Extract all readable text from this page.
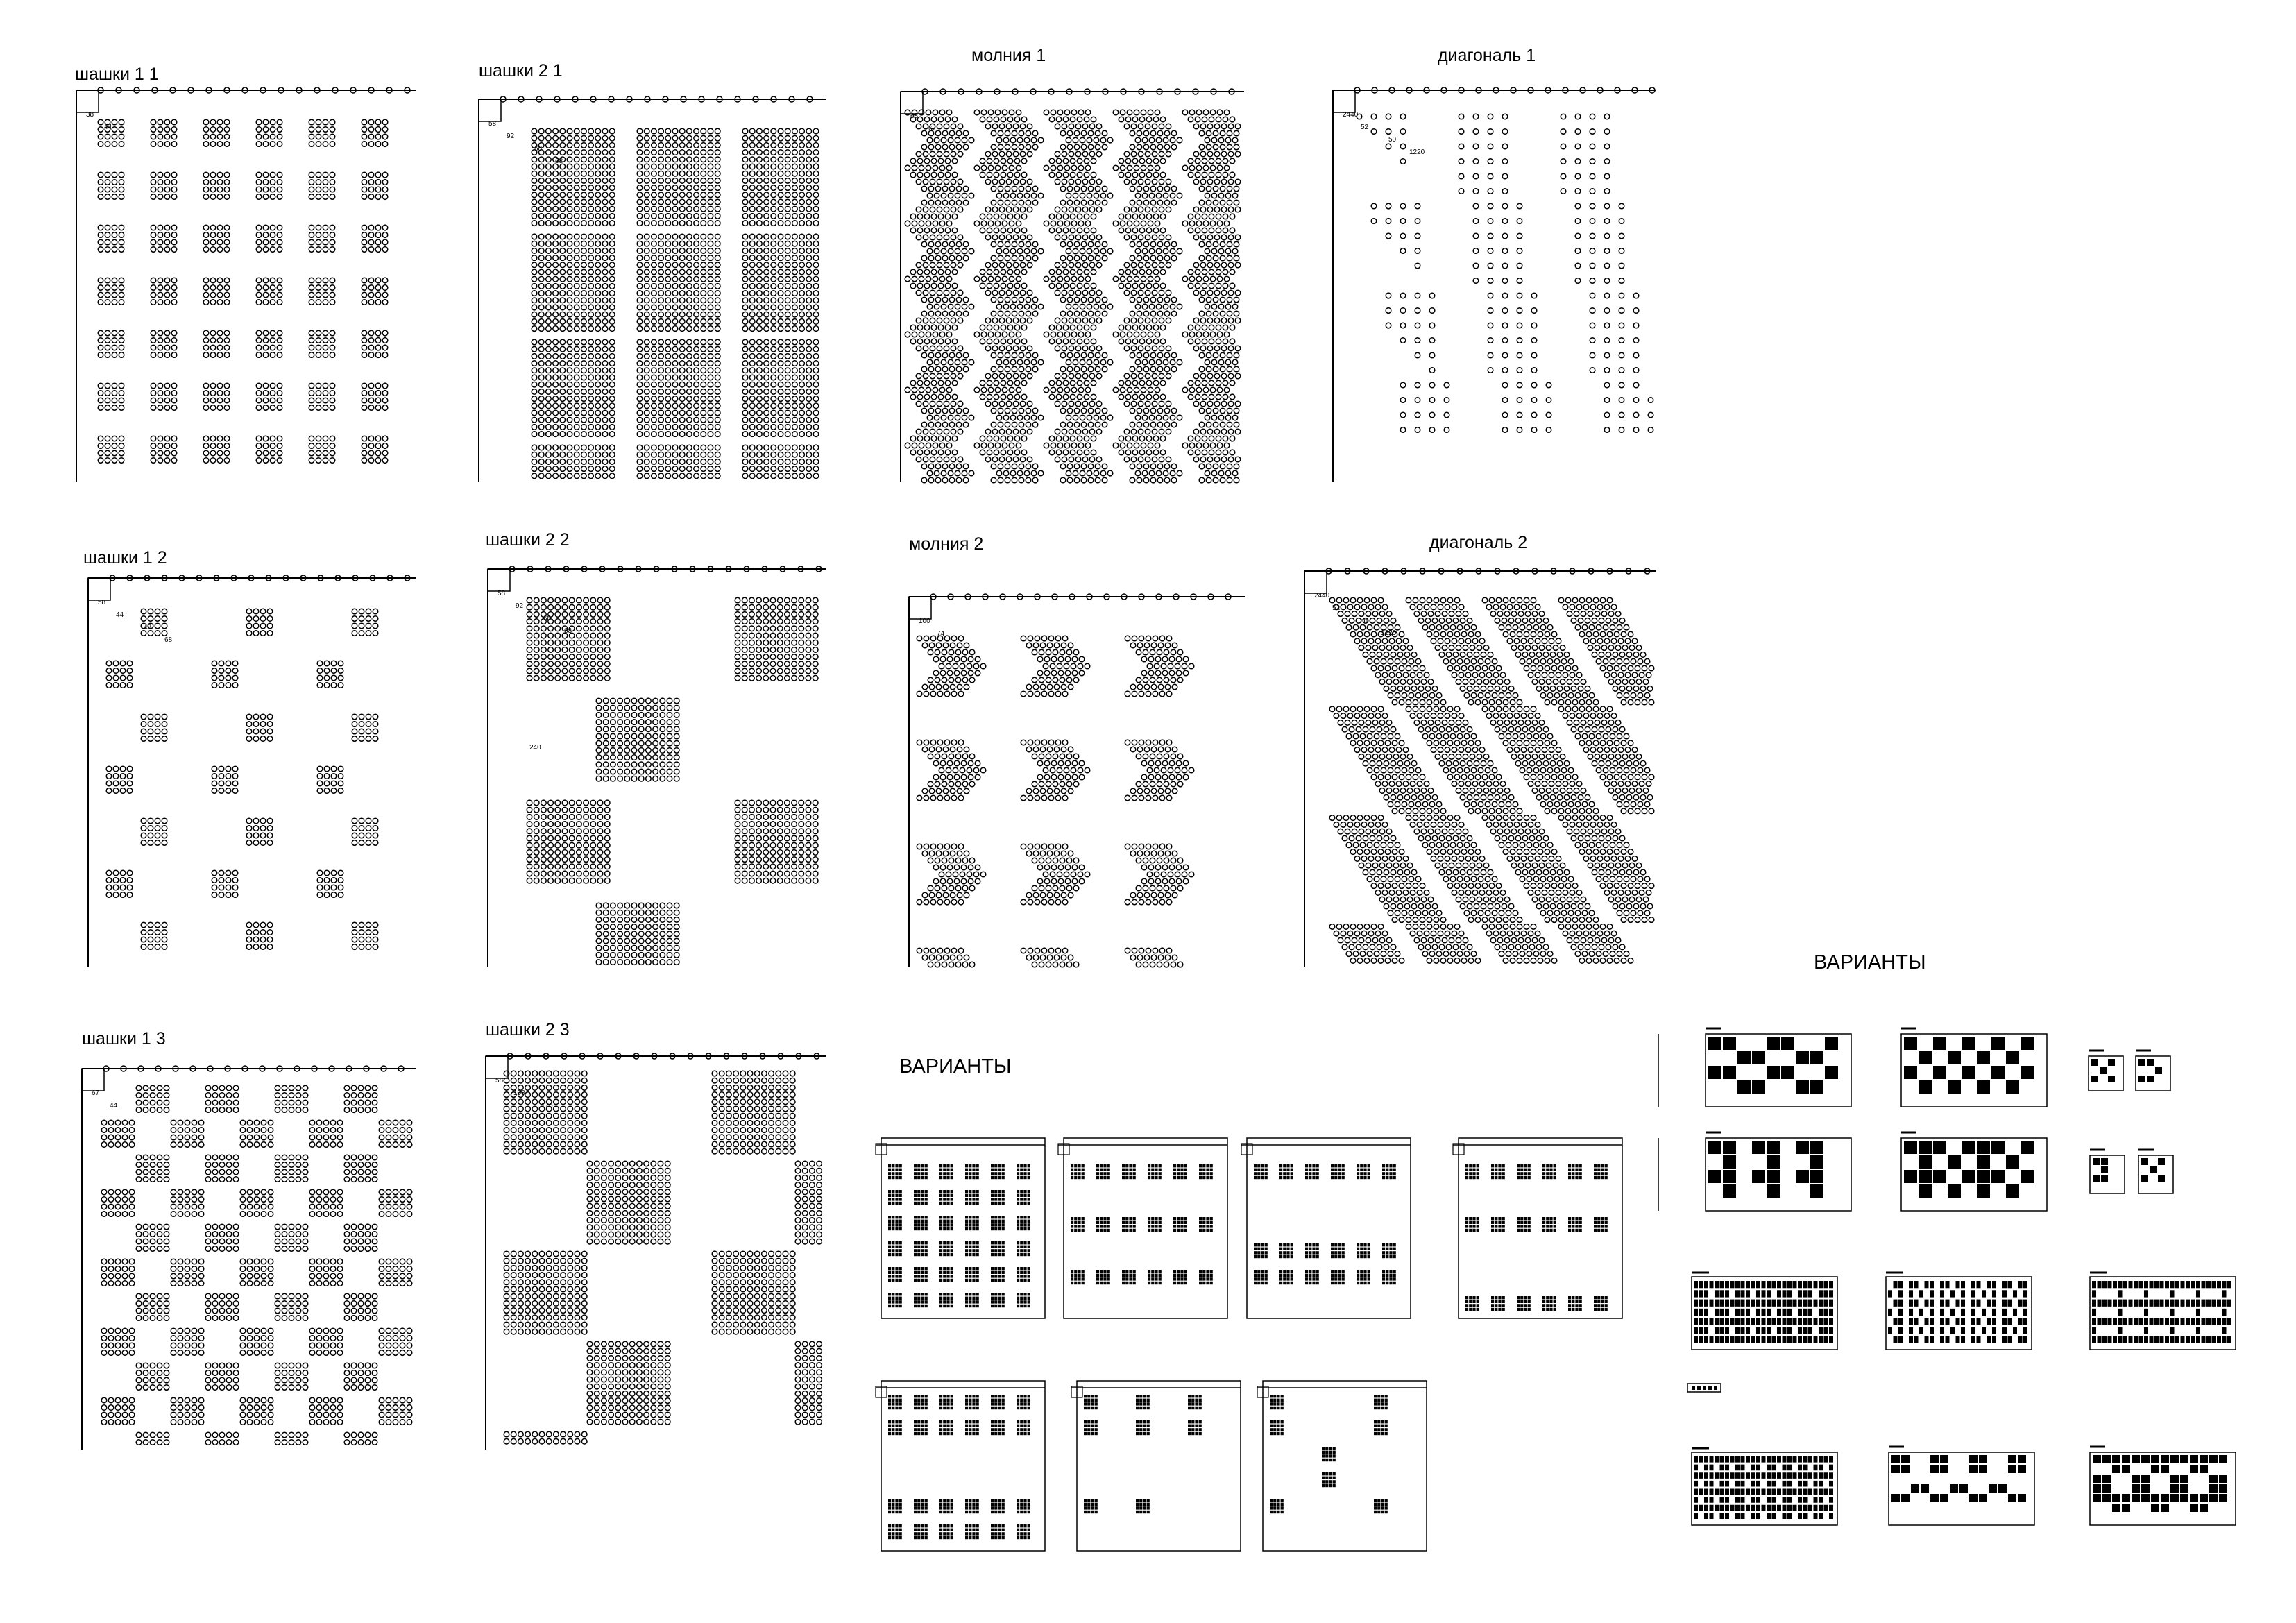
шашки 1 1
38
44
шашки 2 1
58
92
68
68
молния 1
68
67
диагональ 1
2440
52
50
1220
шашки 1 2
58
44
48
68
шашки 2 2
58
92
68
68
240
молния 2
100
74
диагональ 2
2440
52
58
1220
шашки 1 3
67
44
шашки 2 3
58
108
176
ВАРИАНТЫ
ВАРИАНТЫ
